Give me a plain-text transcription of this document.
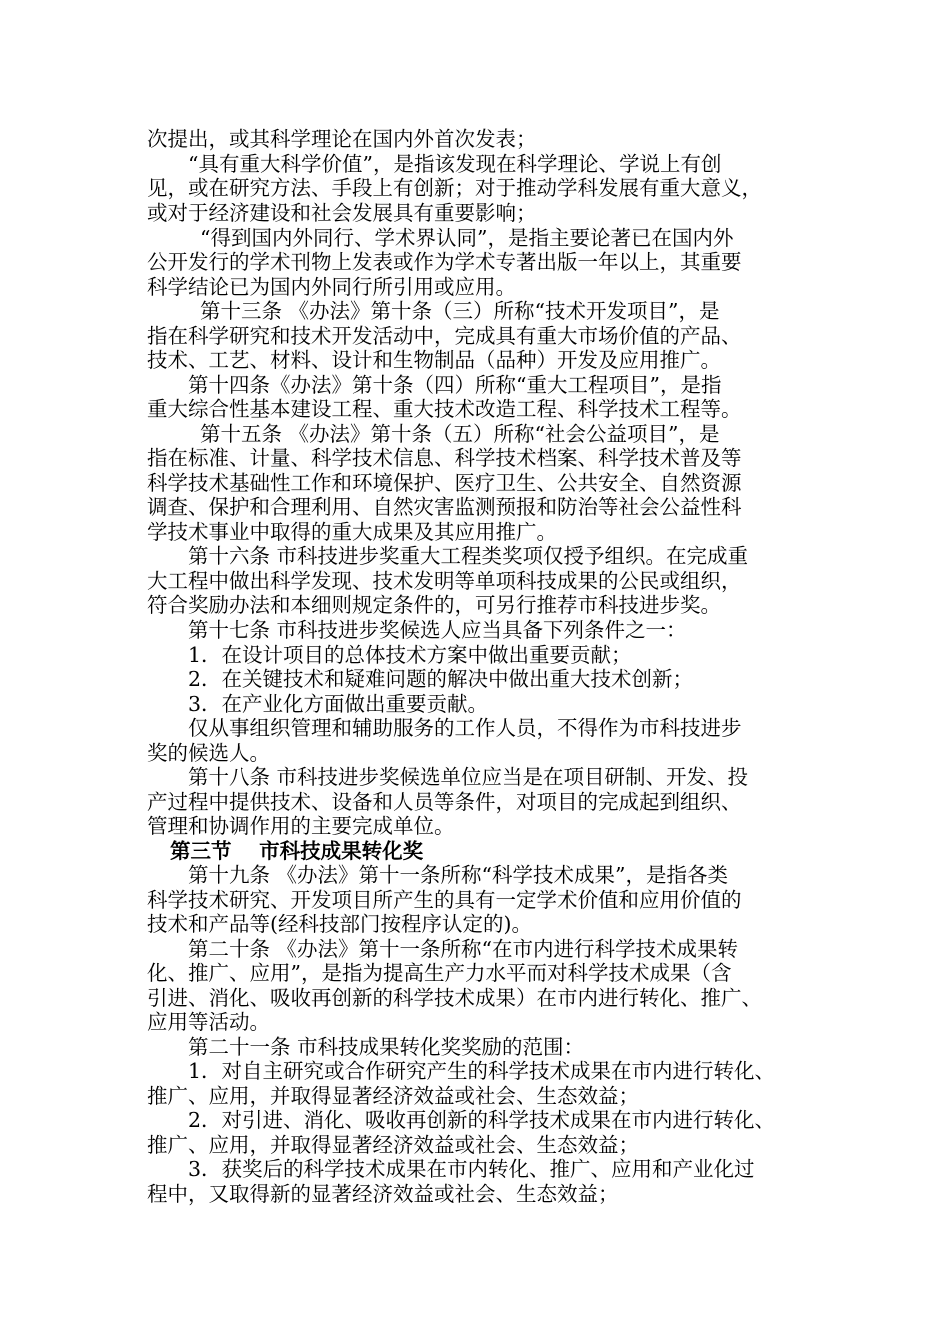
次提出，或其科学理论在国内外首次发表；
“具有重大科学价值”，是指该发现在科学理论、学说上有创
见，或在研究方法、手段上有创新；对于推动学科发展有重大意义，
或对于经济建设和社会发展具有重要影响；
“得到国内外同行、学术界认同”，是指主要论著已在国内外
公开发行的学术刊物上发表或作为学术专著出版一年以上，其重要
科学结论已为国内外同行所引用或应用。
第十三条 《办法》第十条（三）所称“技术开发项目”，是
指在科学研究和技术开发活动中，完成具有重大市场价值的产品、
技术、工艺、材料、设计和生物制品（品种）开发及应用推广。
第十四条《办法》第十条（四）所称“重大工程项目”，是指
重大综合性基本建设工程、重大技术改造工程、科学技术工程等。
第十五条 《办法》第十条（五）所称“社会公益项目”，是
指在标准、计量、科学技术信息、科学技术档案、科学技术普及等
科学技术基础性工作和环境保护、医疗卫生、公共安全、自然资源
调查、保护和合理利用、自然灾害监测预报和防治等社会公益性科
学技术事业中取得的重大成果及其应用推广。
第十六条 市科技进步奖重大工程类奖项仅授予组织。在完成重
大工程中做出科学发现、技术发明等单项科技成果的公民或组织，
符合奖励办法和本细则规定条件的，可另行推荐市科技进步奖。
第十七条 市科技进步奖候选人应当具备下列条件之一：
1．在设计项目的总体技术方案中做出重要贡献；
2．在关键技术和疑难问题的解决中做出重大技术创新；
3．在产业化方面做出重要贡献。
仅从事组织管理和辅助服务的工作人员，不得作为市科技进步
奖的候选人。
第十八条 市科技进步奖候选单位应当是在项目研制、开发、投
产过程中提供技术、设备和人员等条件，对项目的完成起到组织、
管理和协调作用的主要完成单位。
第三节　 市科技成果转化奖
第十九条 《办法》第十一条所称“科学技术成果”，是指各类
科学技术研究、开发项目所产生的具有一定学术价值和应用价值的
技术和产品等(经科技部门按程序认定的)。
第二十条 《办法》第十一条所称“在市内进行科学技术成果转
化、推广、应用”，是指为提高生产力水平而对科学技术成果（含
引进、消化、吸收再创新的科学技术成果）在市内进行转化、推广、
应用等活动。
第二十一条 市科技成果转化奖奖励的范围：
1．对自主研究或合作研究产生的科学技术成果在市内进行转化、
推广、应用，并取得显著经济效益或社会、生态效益；
2．对引进、消化、吸收再创新的科学技术成果在市内进行转化、
推广、应用，并取得显著经济效益或社会、生态效益；
3．获奖后的科学技术成果在市内转化、推广、应用和产业化过
程中，又取得新的显著经济效益或社会、生态效益；
